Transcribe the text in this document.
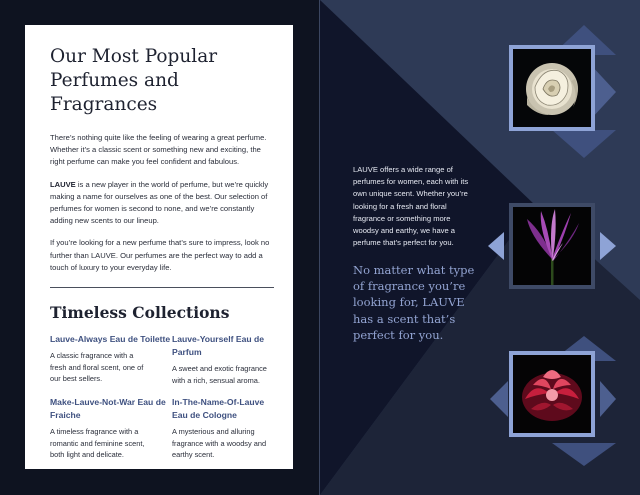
Our Most Popular Perfumes and Fragrances

There’s nothing quite like the feeling of wearing a great perfume. Whether it’s a classic scent or something new and exciting, the right perfume can make you feel confident and fabulous.

LAUVE is a new player in the world of perfume, but we’re quickly making a name for ourselves as one of the best. Our selection of perfumes for women is second to none, and we’re constantly adding new scents to our lineup.

If you’re looking for a new perfume that’s sure to impress, look no further than LAUVE. Our perfumes are the perfect way to add a touch of luxury to your everyday life.

Timeless Collections
Lauve-Always Eau de Toilette
A classic fragrance with a fresh and floral scent, one of our best sellers.
Lauve-Yourself Eau de Parfum
A sweet and exotic fragrance with a rich, sensual aroma.
Make-Lauve-Not-War Eau de Fraiche
A timeless fragrance with a romantic and feminine scent, both light and delicate.
In-The-Name-Of-Lauve Eau de Cologne
A mysterious and alluring fragrance with a woodsy and earthy scent.

LAUVE offers a wide range of perfumes for women, each with its own unique scent. Whether you’re looking for a fresh and floral fragrance or something more woodsy and earthy, we have a perfume that’s perfect for you.

No matter what type of fragrance you’re looking for, LAUVE has a scent that’s perfect for you.
